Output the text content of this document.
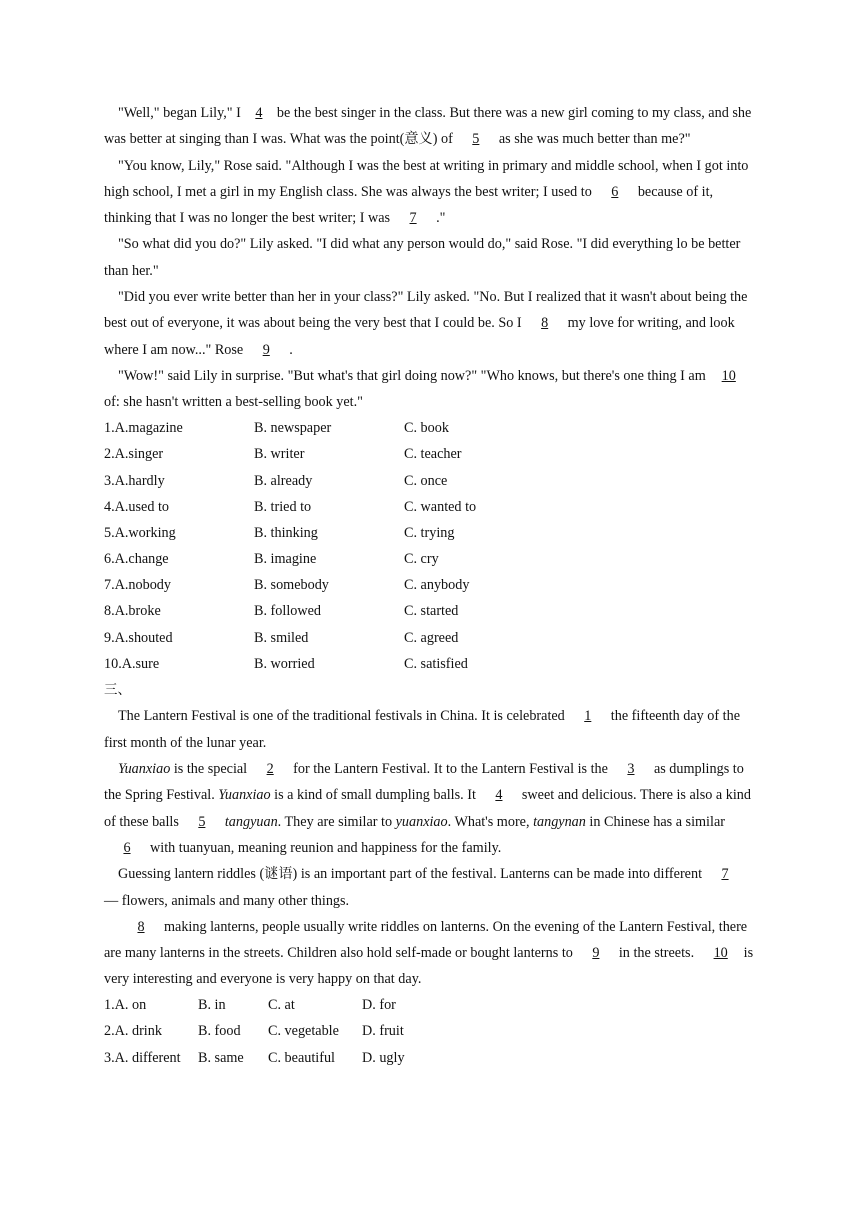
"Well," began Lily," I 4 be the best singer in the class. But there was a new girl coming to my class, and she was better at singing than I was. What was the point(意义) of 5 as she was much better than me?"

"You know, Lily," Rose said. "Although I was the best at writing in primary and middle school, when I got into high school, I met a girl in my English class. She was always the best writer; I used to 6 because of it, thinking that I was no longer the best writer; I was 7 ."

"So what did you do?" Lily asked. "I did what any person would do," said Rose. "I did everything lo be better than her."

"Did you ever write better than her in your class?" Lily asked. "No. But I realized that it wasn't about being the best out of everyone, it was about being the very best that I could be. So I 8 my love for writing, and look where I am now..." Rose 9 .

"Wow!" said Lily in surprise. "But what's that girl doing now?" "Who knows, but there's one thing I am 10of: she hasn't written a best-selling book yet."

1.A.magazine	B. newspaper	C. book
2.A.singer	B. writer	C. teacher
3.A.hardly	B. already	C. once
4.A.used to	B. tried to	C. wanted to
5.A.working	B. thinking	C. trying
6.A.change	B. imagine	C. cry
7.A.nobody	B. somebody	C. anybody
8.A.broke	B. followed	C. started
9.A.shouted	B. smiled	C. agreed
10.A.sure	B. worried	C. satisfied
三、

The Lantern Festival is one of the traditional festivals in China. It is celebrated 1 the fifteenth day of the first month of the lunar year.

Yuanxiao is the special 2 for the Lantern Festival. It to the Lantern Festival is the 3 as dumplings to the Spring Festival. Yuanxiao is a kind of small dumpling balls. It 4 sweet and delicious. There is also a kind of these balls 5 tangyuan. They are similar to yuanxiao. What's more, tangynan in Chinese has a similar6 with tuanyuan, meaning reunion and happiness for the family.

Guessing lantern riddles (谜语) is an important part of the festival. Lanterns can be made into different 7— flowers, animals and many other things.

8 making lanterns, people usually write riddles on lanterns. On the evening of the Lantern Festival, there are many lanterns in the streets. Children also hold self-made or bought lanterns to 9 in the streets. 10 is very interesting and everyone is very happy on that day.

1.A. on	B. in	C. at	D. for
2.A. drink	B. food	C. vegetable	D. fruit
3.A. different	B. same	C. beautiful	D. ugly
